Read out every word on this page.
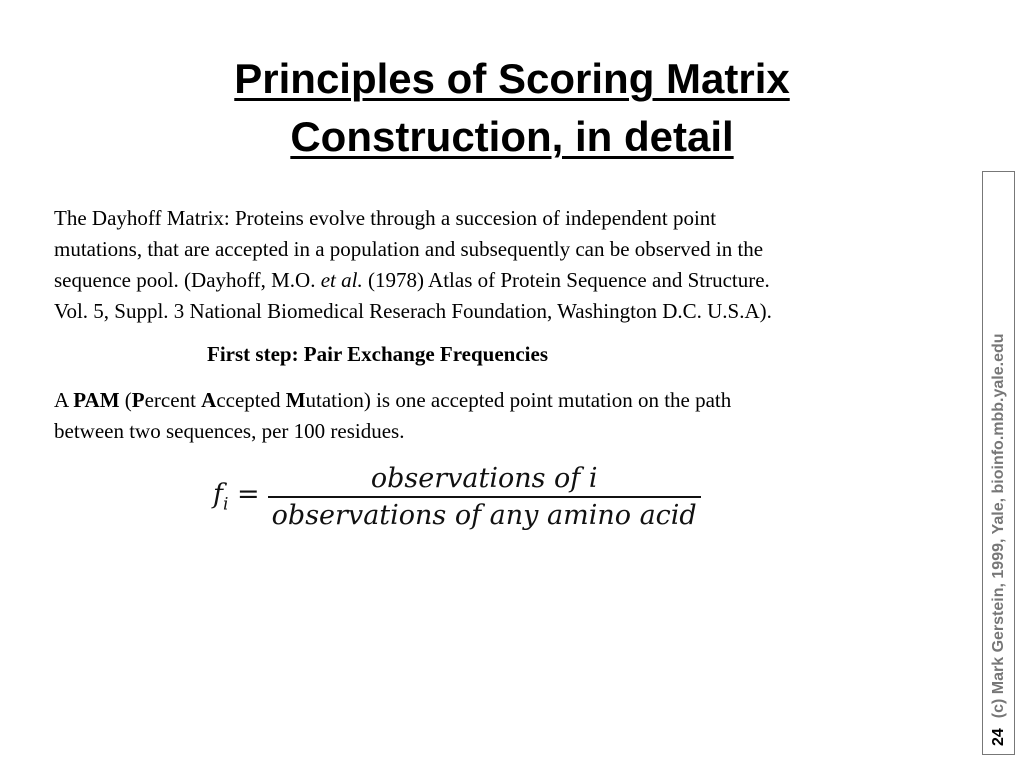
Principles of Scoring Matrix
Construction, in detail

The Dayhoff Matrix: Proteins evolve through a succesion of independent point

mutations, that are accepted in a population and subsequently can be observed in the

sequence pool. (Dayhoff, M.O. et al. (1978) Atlas of Protein Sequence and Structure.

Vol. 5, Suppl. 3 National Biomedical Reserach Foundation, Washington D.C. U.S.A).

First step: Pair Exchange Frequencies

A PAM (Percent Accepted Mutation) is one accepted point mutation on the path

between two sequences, per 100 residues.

$f_i = \frac{\text{observations of i}}{\text{observations of any amino acid}}$
24(c) Mark Gerstein, 1999, Yale, bioinfo.mbb.yale.edu
